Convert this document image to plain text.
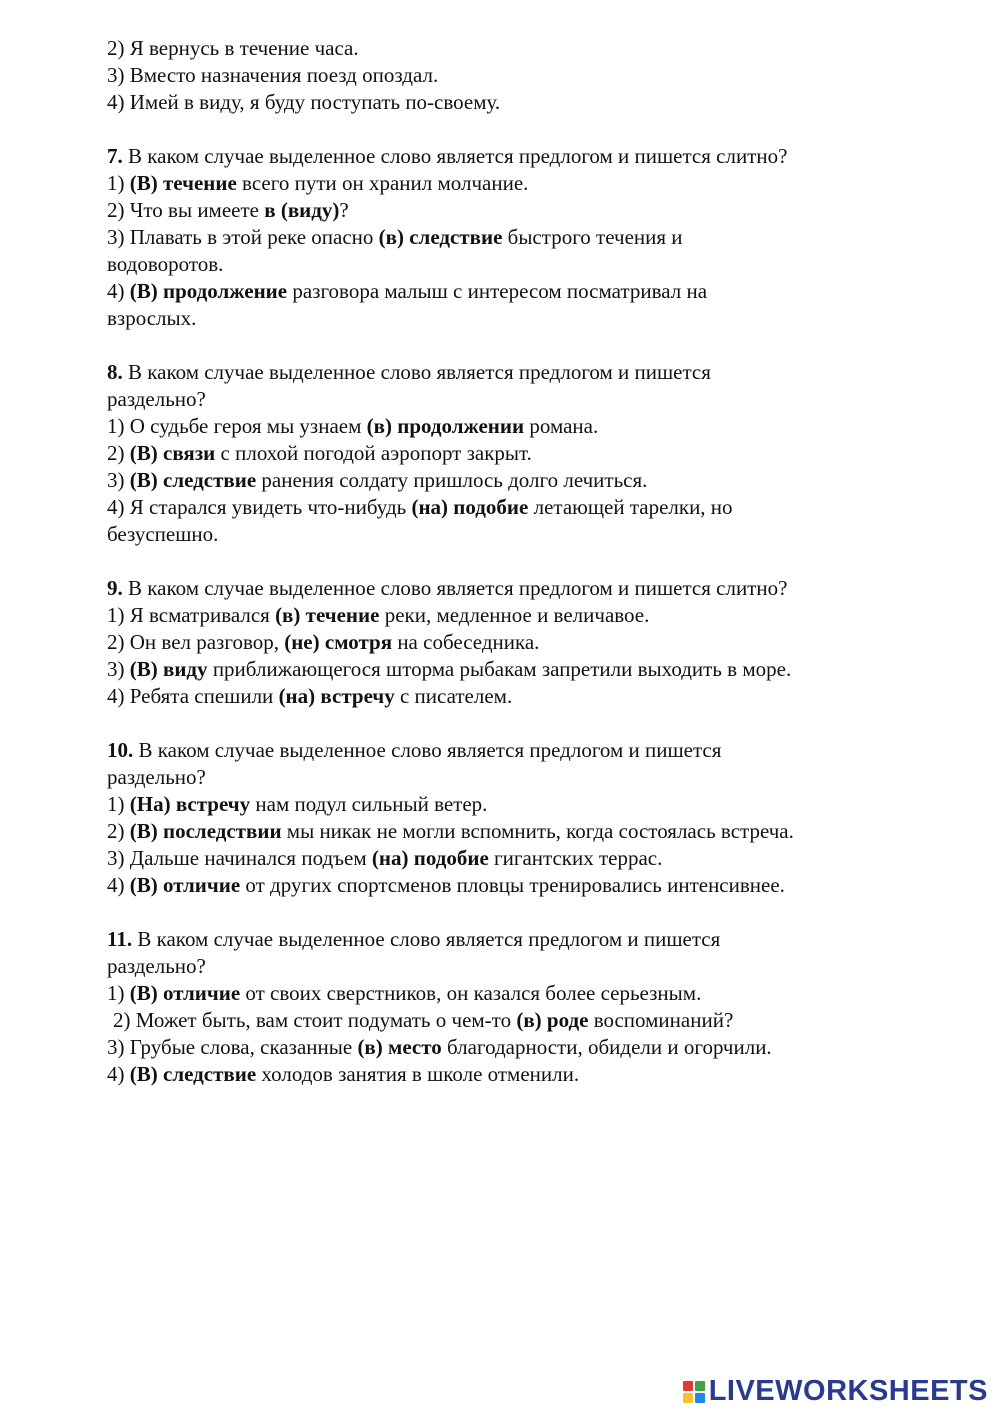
2) Я вернусь в течение часа.
3) Вместо назначения поезд опоздал.
4) Имей в виду, я буду поступать по-своему.
7. В каком случае выделенное слово является предлогом и пишется слитно?
1) (В) течение всего пути он хранил молчание.
2) Что вы имеете в (виду)?
3) Плавать в этой реке опасно (в) следствие быстрого течения и водоворотов.
4) (В) продолжение разговора малыш с интересом посматривал на взрослых.
8. В каком случае выделенное слово является предлогом и пишется раздельно?
1) О судьбе героя мы узнаем (в) продолжении романа.
2) (В) связи с плохой погодой аэропорт закрыт.
3) (В) следствие ранения солдату пришлось долго лечиться.
4) Я старался увидеть что-нибудь (на) подобие летающей тарелки, но безуспешно.
9. В каком случае выделенное слово является предлогом и пишется слитно?
1) Я всматривался (в) течение реки, медленное и величавое.
2) Он вел разговор, (не) смотря на собеседника.
3) (В) виду приближающегося шторма рыбакам запретили выходить в море.
4) Ребята спешили (на) встречу с писателем.
10. В каком случае выделенное слово является предлогом и пишется раздельно?
1) (На) встречу нам подул сильный ветер.
2) (В) последствии мы никак не могли вспомнить, когда состоялась встреча.
3) Дальше начинался подъем (на) подобие гигантских террас.
4) (В) отличие от других спортсменов пловцы тренировались интенсивнее.
11. В каком случае выделенное слово является предлогом и пишется раздельно?
1) (В) отличие от своих сверстников, он казался более серьезным.
2) Может быть, вам стоит подумать о чем-то (в) роде воспоминаний?
3) Грубые слова, сказанные (в) место благодарности, обидели и огорчили.
4) (В) следствие холодов занятия в школе отменили.
LIVEWORKSHEETS
